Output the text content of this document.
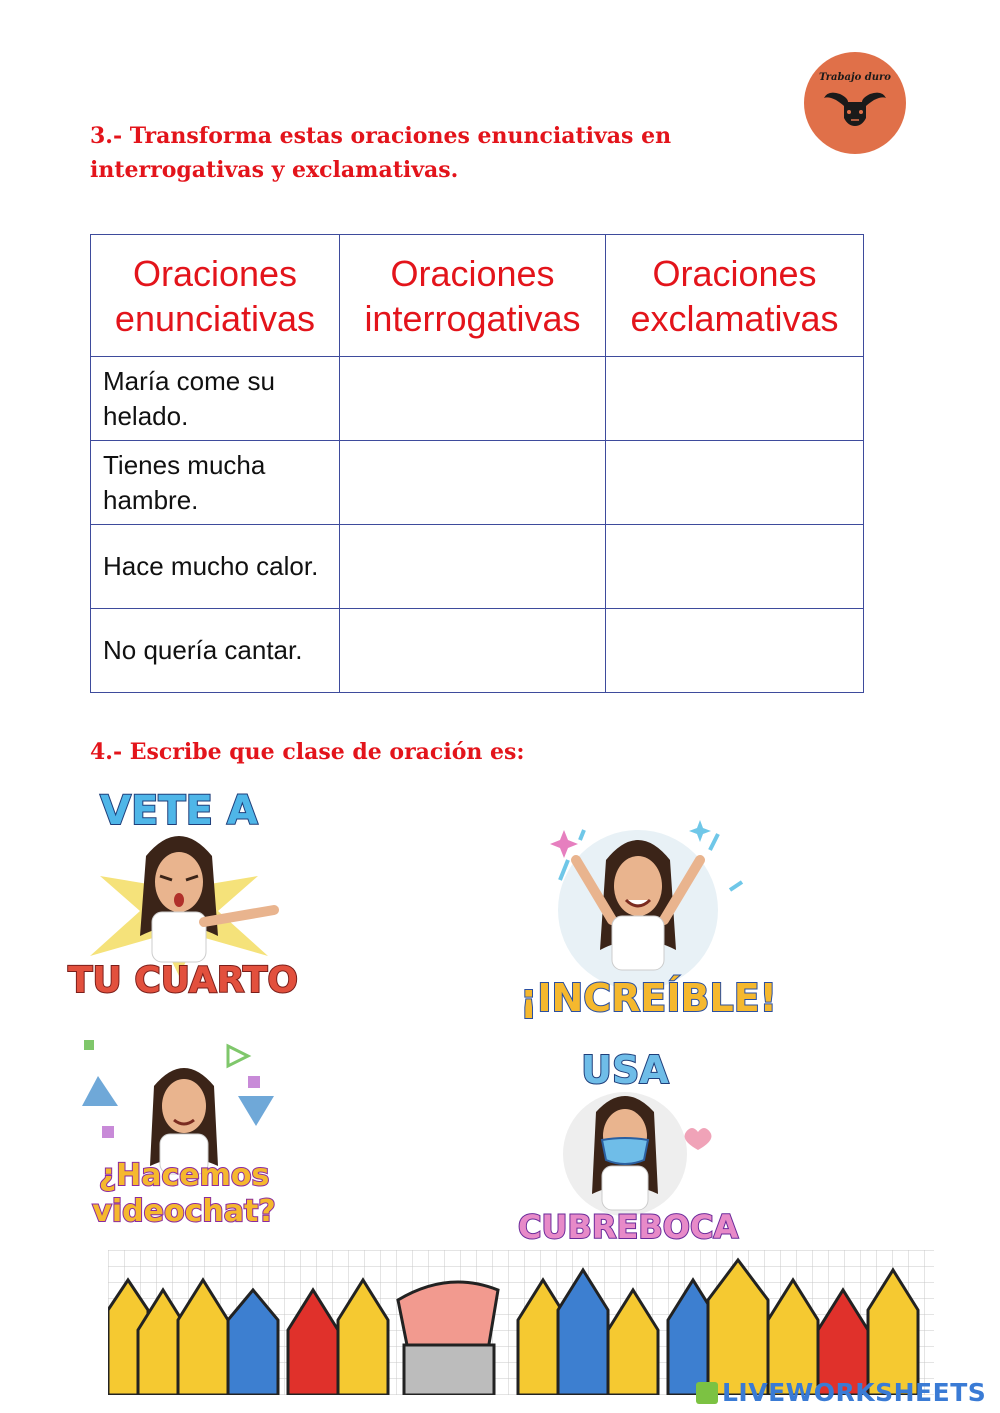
Trabajo duro

3.- Transforma estas oraciones enunciativas en interrogativas y exclamativas.

Oraciones enunciativas	Oraciones interrogativas	Oraciones exclamativas
María come su helado.		
Tienes mucha hambre.		
Hace mucho calor.		
No quería cantar.		

4.- Escribe que clase de oración es:

VETE A
TU CUARTO	¡INCREÍBLE!
¿Hacemos
videochat?
USA
CUBREBOCA
LIVEWORKSHEETS
